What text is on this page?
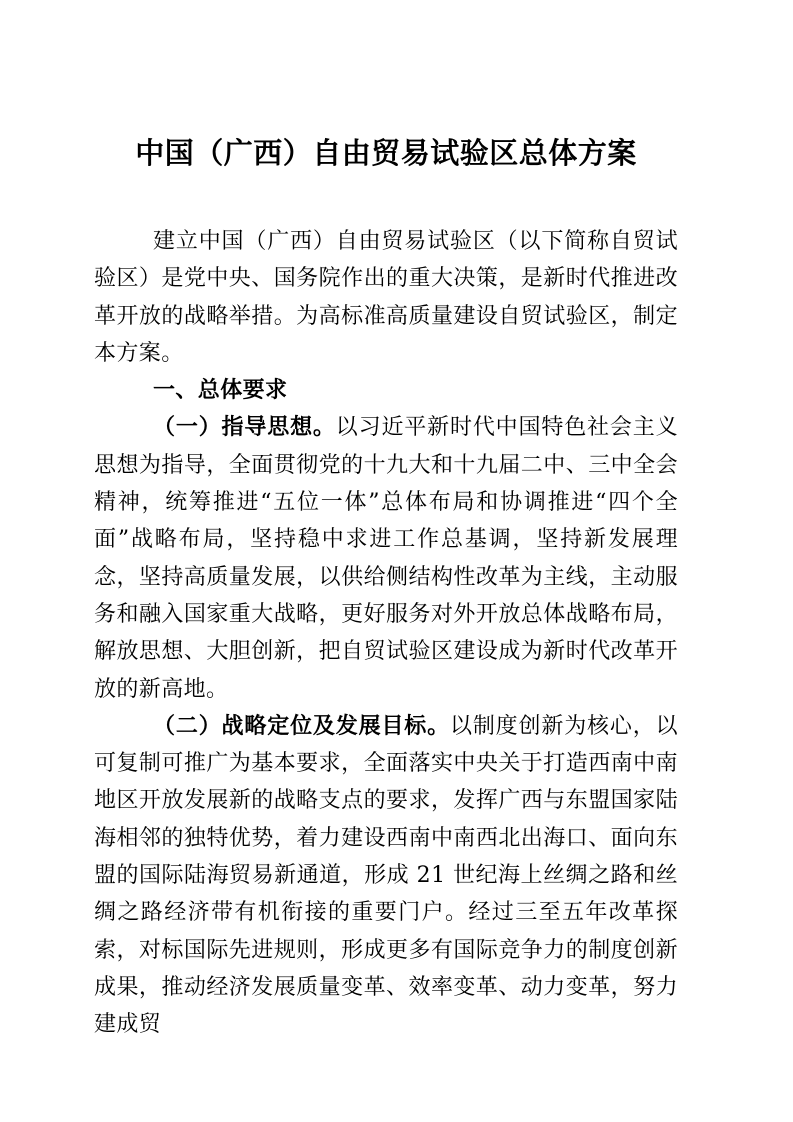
中国（广西）自由贸易试验区总体方案

建立中国（广西）自由贸易试验区（以下简称自贸试验区）是党中央、国务院作出的重大决策，是新时代推进改革开放的战略举措。为高标准高质量建设自贸试验区，制定本方案。

一、总体要求

（一）指导思想。以习近平新时代中国特色社会主义思想为指导，全面贯彻党的十九大和十九届二中、三中全会精神，统筹推进“五位一体”总体布局和协调推进“四个全面”战略布局，坚持稳中求进工作总基调，坚持新发展理念，坚持高质量发展，以供给侧结构性改革为主线，主动服务和融入国家重大战略，更好服务对外开放总体战略布局，解放思想、大胆创新，把自贸试验区建设成为新时代改革开放的新高地。

（二）战略定位及发展目标。以制度创新为核心，以可复制可推广为基本要求，全面落实中央关于打造西南中南地区开放发展新的战略支点的要求，发挥广西与东盟国家陆海相邻的独特优势，着力建设西南中南西北出海口、面向东盟的国际陆海贸易新通道，形成 21 世纪海上丝绸之路和丝绸之路经济带有机衔接的重要门户。经过三至五年改革探索，对标国际先进规则，形成更多有国际竞争力的制度创新成果，推动经济发展质量变革、效率变革、动力变革，努力建成贸
